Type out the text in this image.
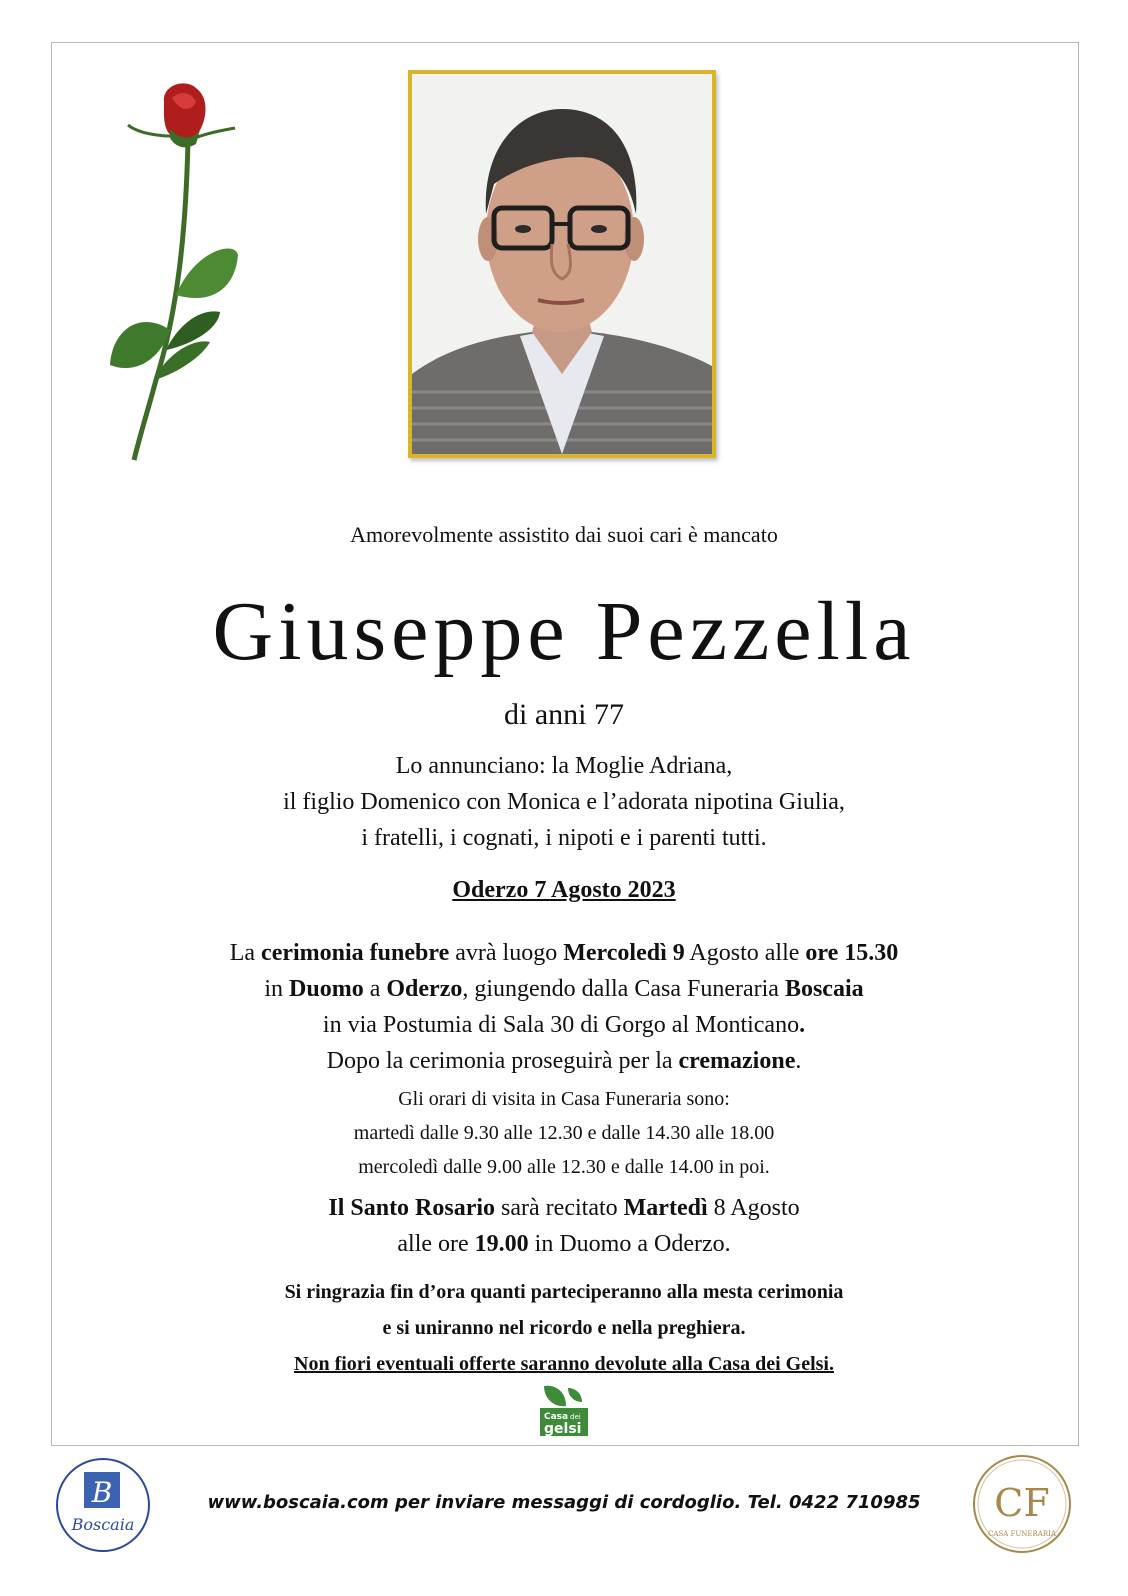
Amorevolmente assistito dai suoi cari è mancato
Giuseppe Pezzella
di anni 77
Lo annunciano: la Moglie Adriana,
il figlio Domenico con Monica e l’adorata nipotina Giulia,
i fratelli, i cognati, i nipoti e i parenti tutti.
Oderzo 7 Agosto 2023
La cerimonia funebre avrà luogo Mercoledì 9 Agosto alle ore 15.30
in Duomo a Oderzo, giungendo dalla Casa Funeraria Boscaia
in via Postumia di Sala 30 di Gorgo al Monticano.
Dopo la cerimonia proseguirà per la cremazione.
Gli orari di visita in Casa Funeraria sono:
martedì dalle 9.30 alle 12.30 e dalle 14.30 alle 18.00
mercoledì dalle 9.00 alle 12.30 e dalle 14.00 in poi.
Il Santo Rosario sarà recitato Martedì 8 Agosto
alle ore 19.00 in Duomo a Oderzo.
Si ringrazia fin d’ora quanti parteciperanno alla mesta cerimonia
e si uniranno nel ricordo e nella preghiera.
Non fiori eventuali offerte saranno devolute alla Casa dei Gelsi.
Casa dei
gelsi
B
Boscaia
www.boscaia.com per inviare messaggi di cordoglio. Tel. 0422 710985	CF
CASA FUNERARIA
